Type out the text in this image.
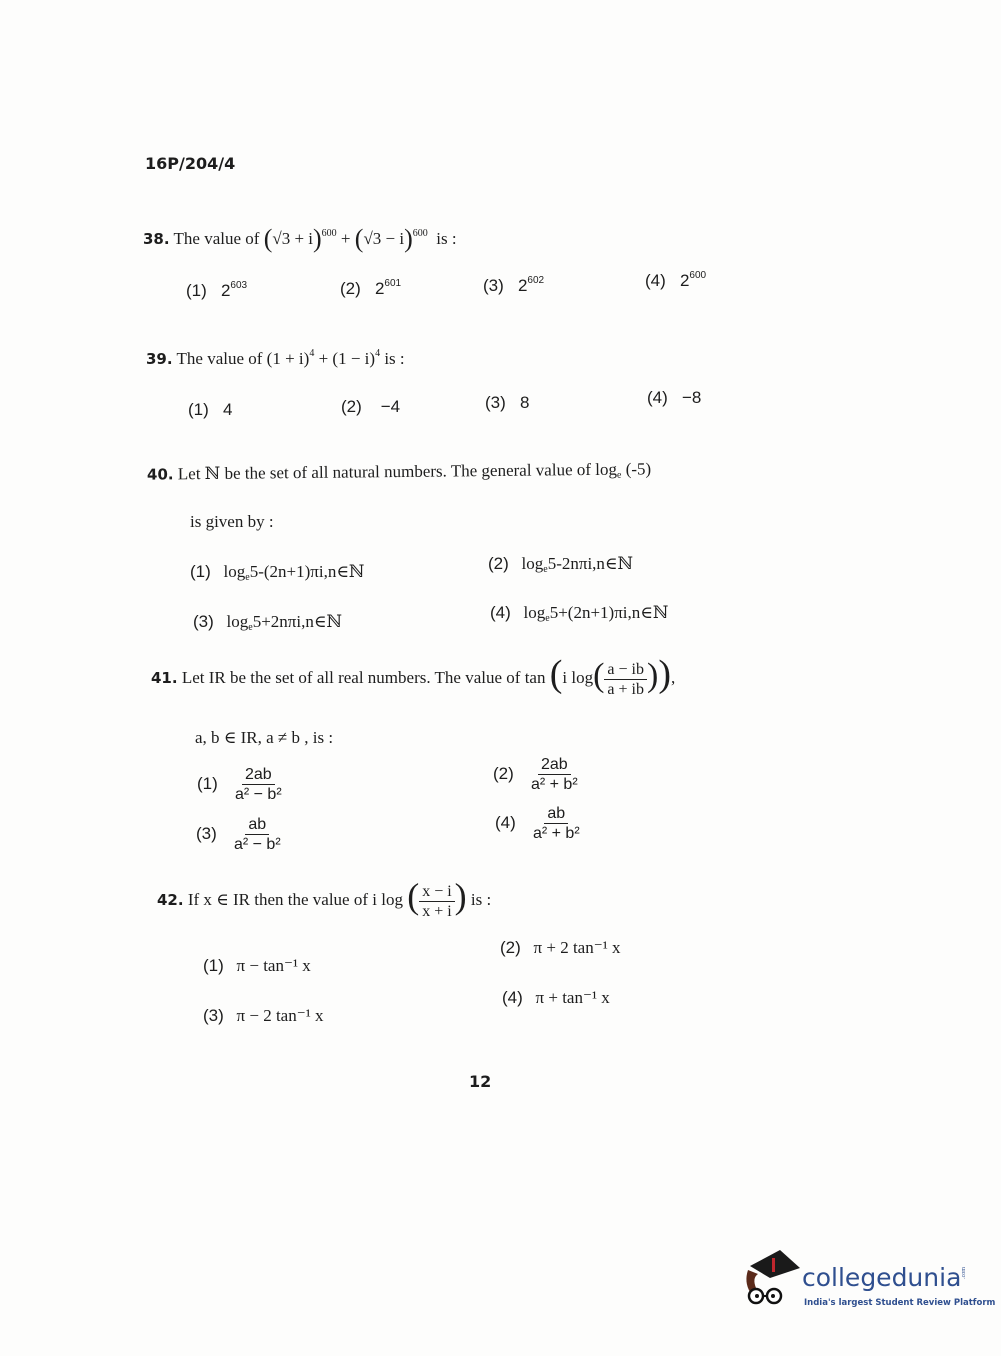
16P/204/4
38. The value of $(√3 + i)^{600} + (√3 - i)^{600}$ is :
(1) $2^{603}$	(2) $2^{601}$	(3) $2^{602}$	(4) $2^{600}$
39. The value of $(1 + i)^4 + (1 - i)^4$ is :
(1) 4	(2) −4	(3) 8	(4) −8
40. Let ℕ be the set of all natural numbers. The general value of $\log_e (-5)$
is given by :
(1) $\log_e5-(2n+1)\pi i,n\in ℕ$	(2) $\log_e5-2n\pi i,n\in ℕ$
(3) $\log_e5+2n\pi i,n\in ℕ$	(4) $\log_e5+(2n+1)\pi i,n\in ℕ$
41. Let IR be the set of all real numbers. The value of tan (i $\log( \frac{a - ib}{a + ib}$ )),
a, b ∈ IR, a ≠ b , is :
$(1) \frac{2ab}{\text{a² − b²}}$	$(2) \frac{2ab}{\text{a² + b²}}$
$(3) \frac{ab}{\text{a² − b²}}$	$(4) \frac{ab}{\text{a² + b²}}$
42. If x ∈ IR then the value of i log ( $\frac{x - i}{x + i}$ ) is :
(1) π − tan⁻¹ x
(2) π + 2 tan⁻¹ x
(3) π − 2 tan⁻¹ x
(4) π + tan⁻¹ x
12
collegedunia .com
India's largest Student Review Platform
